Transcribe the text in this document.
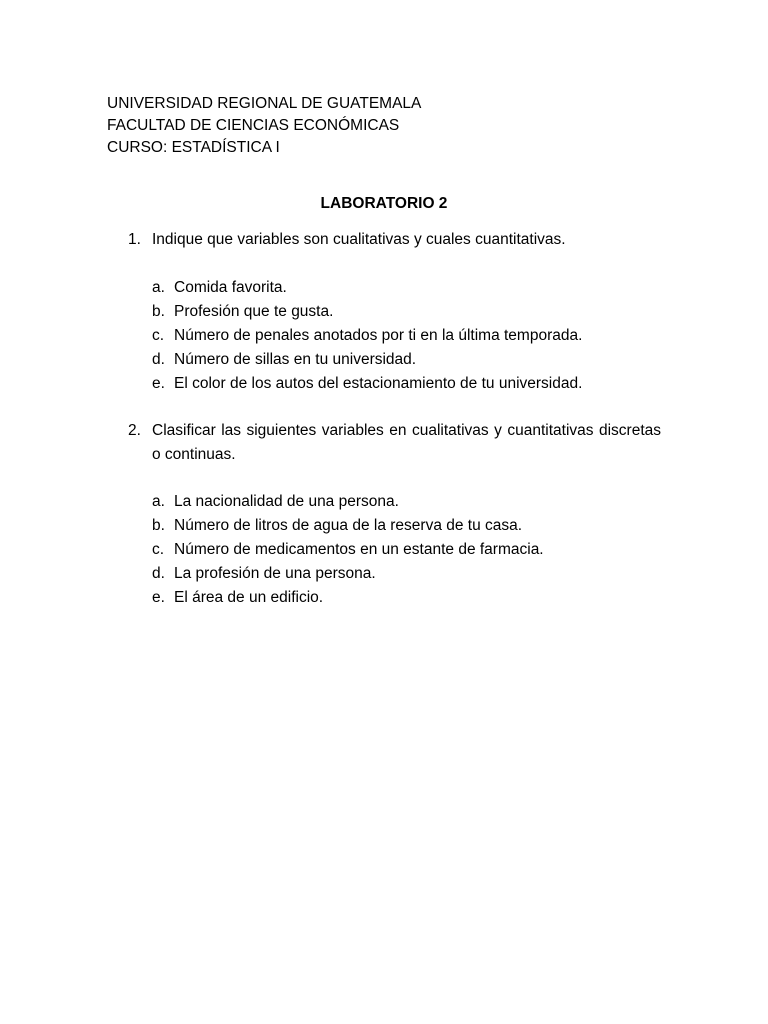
UNIVERSIDAD REGIONAL DE GUATEMALA
FACULTAD DE CIENCIAS ECONÓMICAS
CURSO: ESTADÍSTICA I
LABORATORIO 2
1. Indique que variables son cualitativas y cuales cuantitativas.
a. Comida favorita.
b. Profesión que te gusta.
c. Número de penales anotados por ti en la última temporada.
d. Número de sillas en tu universidad.
e. El color de los autos del estacionamiento de tu universidad.
2. Clasificar las siguientes variables en cualitativas y cuantitativas discretas o continuas.
a. La nacionalidad de una persona.
b. Número de litros de agua de la reserva de tu casa.
c. Número de medicamentos en un estante de farmacia.
d. La profesión de una persona.
e. El área de un edificio.
